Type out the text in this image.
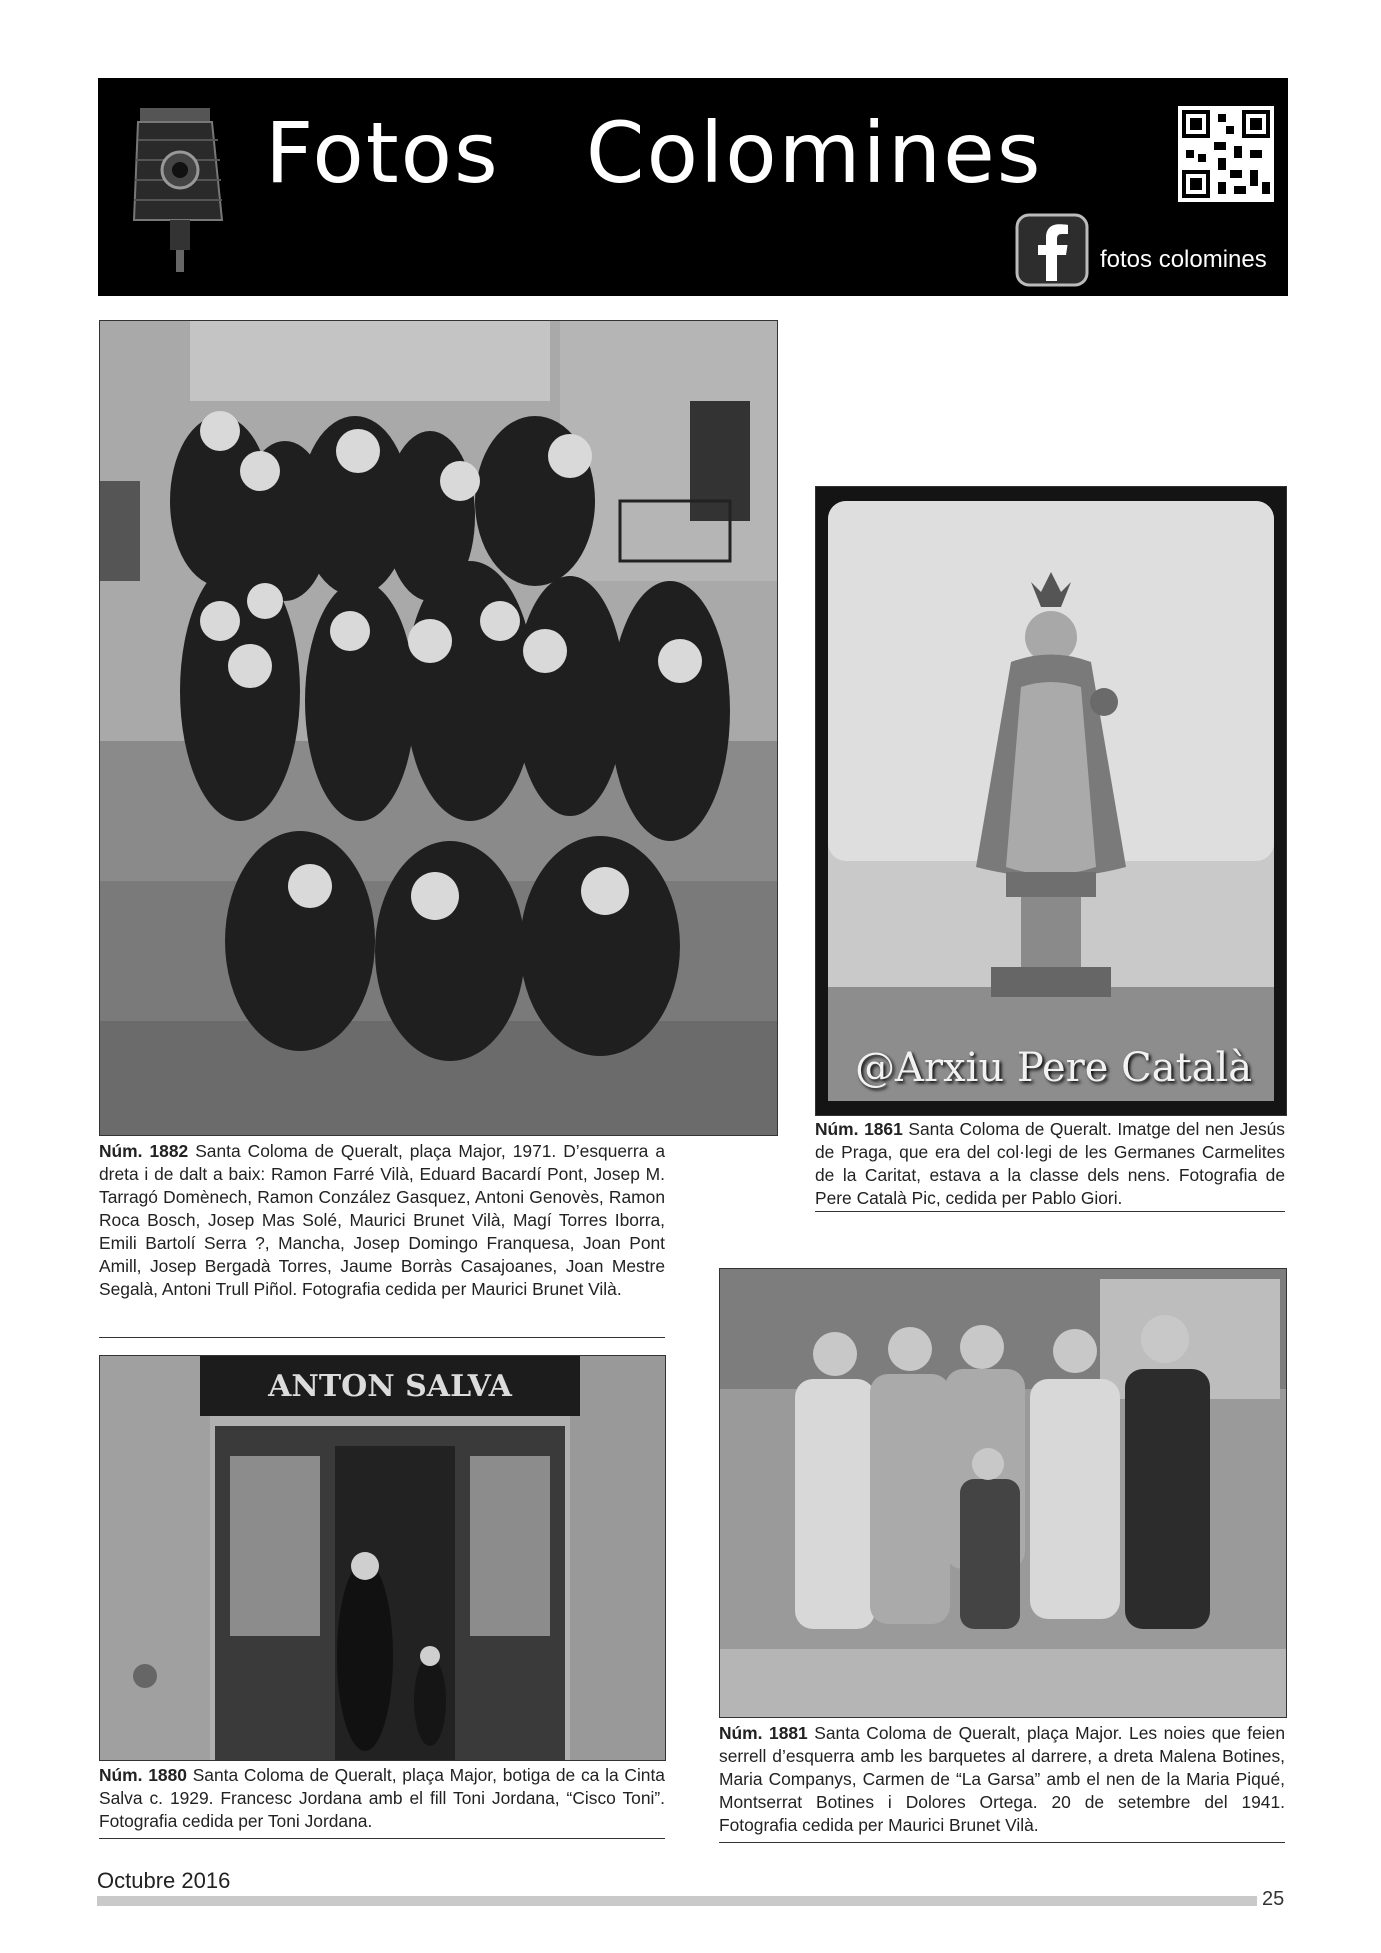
Fotos   Colomines
fotos colomines
@Arxiu Pere Català
Núm. 1882 Santa Coloma de Queralt, plaça Major, 1971. D’esquerra a dreta i de dalt a baix: Ramon Farré Vilà, Eduard Bacardí Pont, Josep M. Tarragó Domènech, Ramon Conzález Gasquez, Antoni Genovès, Ramon Roca Bosch, Josep Mas Solé, Maurici Brunet Vilà, Magí Torres Iborra, Emili Bartolí Serra ?, Mancha, Josep Domingo Franquesa, Joan Pont Amill, Josep Bergadà Torres, Jaume Borràs Casajoanes, Joan Mestre Segalà, Antoni Trull Piñol. Fotografia cedida per Maurici Brunet Vilà.
Núm. 1861 Santa Coloma de Queralt. Imatge del nen Jesús de Praga, que era del col·legi de les Germanes Carmelites de la Caritat, estava a la classe dels nens. Fotografia de Pere Català Pic, cedida per Pablo Giori.
ANTON SALVA
Núm. 1880 Santa Coloma de Queralt, plaça Major, botiga de ca la Cinta Salva c. 1929. Francesc Jordana amb el fill Toni Jordana, “Cisco Toni”. Fotografia cedida per Toni Jordana.
Núm. 1881 Santa Coloma de Queralt, plaça Major. Les noies que feien serrell d’esquerra amb les barquetes al darrere, a dreta Malena Botines, Maria Companys, Carmen de “La Garsa” amb el nen de la Maria Piqué, Montserrat Botines i Dolores Ortega. 20 de setembre del 1941. Fotografia cedida per Maurici Brunet Vilà.
Octubre 2016
25
